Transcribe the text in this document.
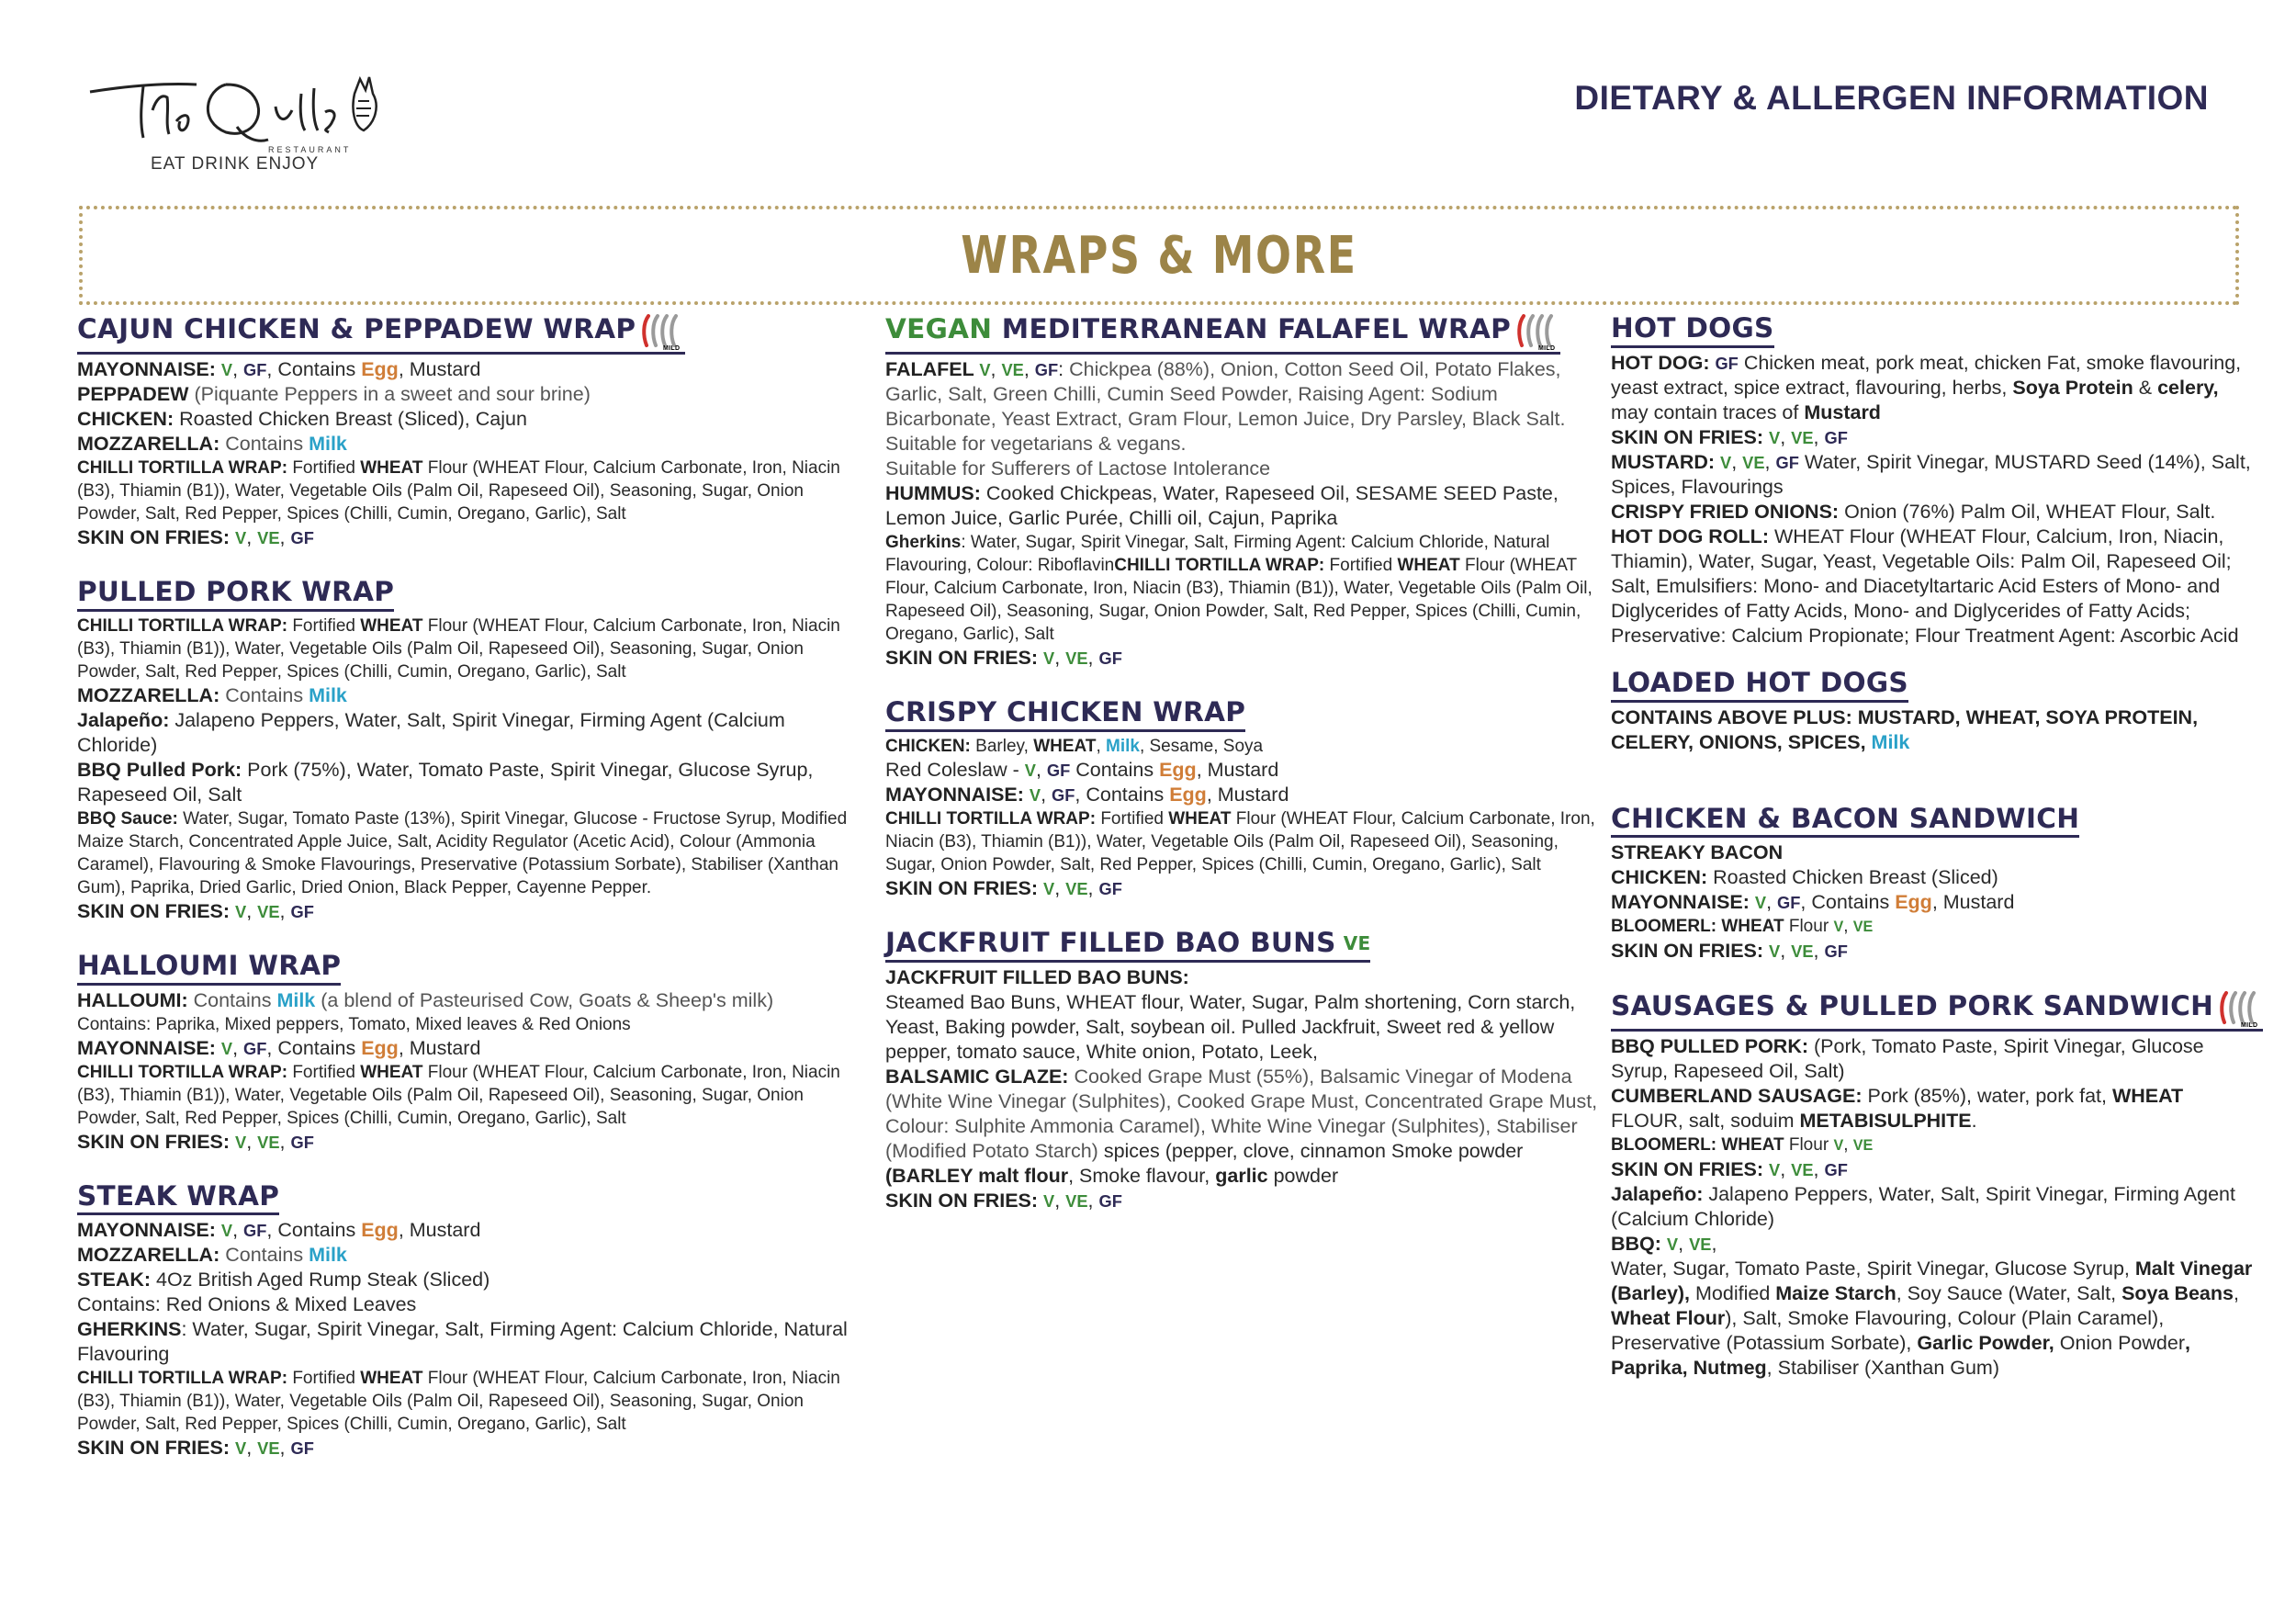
RESTAURANT
EAT DRINK ENJOY
DIETARY & ALLERGEN INFORMATION
WRAPS & MORE
CAJUN CHICKEN & PEPPADEW WRAP
MILD
MAYONNAISE: V, GF, Contains Egg, Mustard
PEPPADEW (Piquante Peppers in a sweet and sour brine)
CHICKEN: Roasted Chicken Breast (Sliced), Cajun
MOZZARELLA: Contains Milk
CHILLI TORTILLA WRAP: Fortified WHEAT Flour (WHEAT Flour, Calcium Carbonate, Iron, Niacin (B3), Thiamin (B1)), Water, Vegetable Oils (Palm Oil, Rapeseed Oil), Seasoning, Sugar, Onion Powder, Salt, Red Pepper, Spices (Chilli, Cumin, Oregano, Garlic), Salt
SKIN ON FRIES: V, VE, GF
PULLED PORK WRAP
CHILLI TORTILLA WRAP: Fortified WHEAT Flour (WHEAT Flour, Calcium Carbonate, Iron, Niacin (B3), Thiamin (B1)), Water, Vegetable Oils (Palm Oil, Rapeseed Oil), Seasoning, Sugar, Onion Powder, Salt, Red Pepper, Spices (Chilli, Cumin, Oregano, Garlic), Salt
MOZZARELLA: Contains Milk
Jalapeño: Jalapeno Peppers, Water, Salt, Spirit Vinegar, Firming Agent (Calcium Chloride)
BBQ Pulled Pork: Pork (75%), Water, Tomato Paste, Spirit Vinegar, Glucose Syrup, Rapeseed Oil, Salt
BBQ Sauce: Water, Sugar, Tomato Paste (13%), Spirit Vinegar, Glucose - Fructose Syrup, Modified Maize Starch, Concentrated Apple Juice, Salt, Acidity Regulator (Acetic Acid), Colour (Ammonia Caramel), Flavouring & Smoke Flavourings, Preservative (Potassium Sorbate), Stabiliser (Xanthan Gum), Paprika, Dried Garlic, Dried Onion, Black Pepper, Cayenne Pepper.
SKIN ON FRIES: V, VE, GF
HALLOUMI WRAP
HALLOUMI: Contains Milk (a blend of Pasteurised Cow, Goats & Sheep's milk)
Contains: Paprika, Mixed peppers, Tomato, Mixed leaves & Red Onions
MAYONNAISE: V, GF, Contains Egg, Mustard
CHILLI TORTILLA WRAP: Fortified WHEAT Flour (WHEAT Flour, Calcium Carbonate, Iron, Niacin (B3), Thiamin (B1)), Water, Vegetable Oils (Palm Oil, Rapeseed Oil), Seasoning, Sugar, Onion Powder, Salt, Red Pepper, Spices (Chilli, Cumin, Oregano, Garlic), Salt
SKIN ON FRIES: V, VE, GF
STEAK WRAP
MAYONNAISE: V, GF, Contains Egg, Mustard
MOZZARELLA: Contains Milk
STEAK: 4Oz British Aged Rump Steak (Sliced)
Contains: Red Onions & Mixed Leaves
GHERKINS: Water, Sugar, Spirit Vinegar, Salt, Firming Agent: Calcium Chloride, Natural Flavouring
CHILLI TORTILLA WRAP: Fortified WHEAT Flour (WHEAT Flour, Calcium Carbonate, Iron, Niacin (B3), Thiamin (B1)), Water, Vegetable Oils (Palm Oil, Rapeseed Oil), Seasoning, Sugar, Onion Powder, Salt, Red Pepper, Spices (Chilli, Cumin, Oregano, Garlic), Salt
SKIN ON FRIES: V, VE, GF
VEGAN MEDITERRANEAN FALAFEL WRAP
MILD
FALAFEL V, VE, GF: Chickpea (88%), Onion, Cotton Seed Oil, Potato Flakes, Garlic, Salt, Green Chilli, Cumin Seed Powder, Raising Agent: Sodium Bicarbonate, Yeast Extract, Gram Flour, Lemon Juice, Dry Parsley, Black Salt. Suitable for vegetarians & vegans.
Suitable for Sufferers of Lactose Intolerance
HUMMUS: Cooked Chickpeas, Water, Rapeseed Oil, SESAME SEED Paste, Lemon Juice, Garlic Purée, Chilli oil, Cajun, Paprika
Gherkins: Water, Sugar, Spirit Vinegar, Salt, Firming Agent: Calcium Chloride, Natural Flavouring, Colour: RiboflavinCHILLI TORTILLA WRAP: Fortified WHEAT Flour (WHEAT Flour, Calcium Carbonate, Iron, Niacin (B3), Thiamin (B1)), Water, Vegetable Oils (Palm Oil, Rapeseed Oil), Seasoning, Sugar, Onion Powder, Salt, Red Pepper, Spices (Chilli, Cumin, Oregano, Garlic), Salt
SKIN ON FRIES: V, VE, GF
CRISPY CHICKEN WRAP
CHICKEN: Barley, WHEAT, Milk, Sesame, Soya
Red Coleslaw - V, GF Contains Egg, Mustard
MAYONNAISE: V, GF, Contains Egg, Mustard
CHILLI TORTILLA WRAP: Fortified WHEAT Flour (WHEAT Flour, Calcium Carbonate, Iron, Niacin (B3), Thiamin (B1)), Water, Vegetable Oils (Palm Oil, Rapeseed Oil), Seasoning, Sugar, Onion Powder, Salt, Red Pepper, Spices (Chilli, Cumin, Oregano, Garlic), Salt
SKIN ON FRIES: V, VE, GF
JACKFRUIT FILLED BAO BUNS VE
JACKFRUIT FILLED BAO BUNS:
Steamed Bao Buns, WHEAT flour, Water, Sugar, Palm shortening, Corn starch, Yeast, Baking powder, Salt, soybean oil. Pulled Jackfruit, Sweet red & yellow pepper, tomato sauce, White onion, Potato, Leek,
BALSAMIC GLAZE: Cooked Grape Must (55%), Balsamic Vinegar of Modena (White Wine Vinegar (Sulphites), Cooked Grape Must, Concentrated Grape Must, Colour: Sulphite Ammonia Caramel), White Wine Vinegar (Sulphites), Stabiliser (Modified Potato Starch) spices (pepper, clove, cinnamon Smoke powder (BARLEY malt flour, Smoke flavour, garlic powder
SKIN ON FRIES: V, VE, GF
HOT DOGS
HOT DOG: GF Chicken meat, pork meat, chicken Fat, smoke flavouring, yeast extract, spice extract, flavouring, herbs, Soya Protein & celery, may contain traces of Mustard
SKIN ON FRIES: V, VE, GF
MUSTARD: V, VE, GF Water, Spirit Vinegar, MUSTARD Seed (14%), Salt, Spices, Flavourings
CRISPY FRIED ONIONS: Onion (76%) Palm Oil, WHEAT Flour, Salt.
HOT DOG ROLL: WHEAT Flour (WHEAT Flour, Calcium, Iron, Niacin, Thiamin), Water, Sugar, Yeast, Vegetable Oils: Palm Oil, Rapeseed Oil; Salt, Emulsifiers: Mono- and Diacetyltartaric Acid Esters of Mono- and Diglycerides of Fatty Acids, Mono- and Diglycerides of Fatty Acids; Preservative: Calcium Propionate; Flour Treatment Agent: Ascorbic Acid
LOADED HOT DOGS
CONTAINS ABOVE PLUS: MUSTARD, WHEAT, SOYA PROTEIN, CELERY, ONIONS, SPICES, Milk
CHICKEN & BACON SANDWICH
STREAKY BACON
CHICKEN: Roasted Chicken Breast (Sliced)
MAYONNAISE: V, GF, Contains Egg, Mustard
BLOOMERL: WHEAT Flour V, VE
SKIN ON FRIES: V, VE, GF
SAUSAGES & PULLED PORK SANDWICH
MILD
BBQ PULLED PORK: (Pork, Tomato Paste, Spirit Vinegar, Glucose Syrup, Rapeseed Oil, Salt)
CUMBERLAND SAUSAGE: Pork (85%), water, pork fat, WHEAT FLOUR, salt, soduim METABISULPHITE.
BLOOMERL: WHEAT Flour V, VE
SKIN ON FRIES: V, VE, GF
Jalapeño: Jalapeno Peppers, Water, Salt, Spirit Vinegar, Firming Agent (Calcium Chloride)
BBQ: V, VE,
Water, Sugar, Tomato Paste, Spirit Vinegar, Glucose Syrup, Malt Vinegar (Barley), Modified Maize Starch, Soy Sauce (Water, Salt, Soya Beans, Wheat Flour), Salt, Smoke Flavouring, Colour (Plain Caramel), Preservative (Potassium Sorbate), Garlic Powder, Onion Powder, Paprika, Nutmeg, Stabiliser (Xanthan Gum)
